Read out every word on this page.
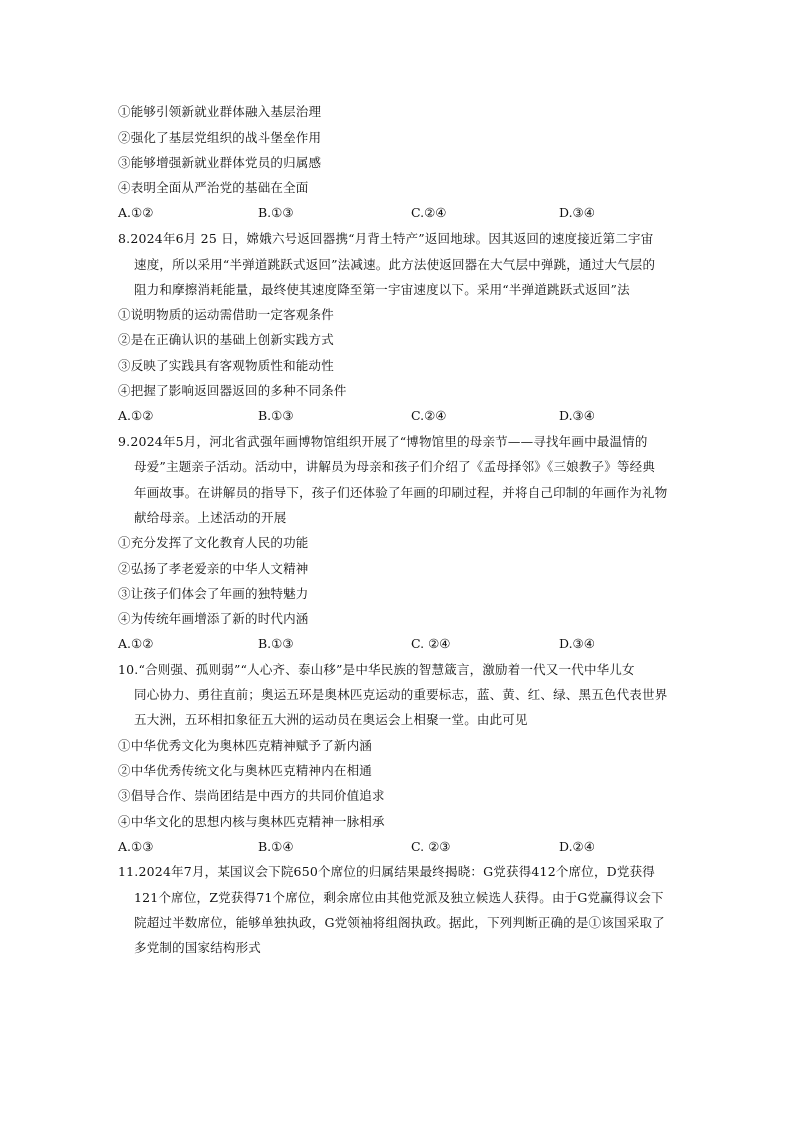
①能够引领新就业群体融入基层治理
②强化了基层党组织的战斗堡垒作用
③能够增强新就业群体党员的归属感
④表明全面从严治党的基础在全面
A.①②	B.①③	C.②④	D.③④
8.2024年6月 25 日，嫦娥六号返回器携“月背土特产”返回地球。因其返回的速度接近第二宇宙
速度，所以采用“半弹道跳跃式返回”法减速。此方法使返回器在大气层中弹跳，通过大气层的
阻力和摩擦消耗能量，最终使其速度降至第一宇宙速度以下。采用“半弹道跳跃式返回”法
①说明物质的运动需借助一定客观条件
②是在正确认识的基础上创新实践方式
③反映了实践具有客观物质性和能动性
④把握了影响返回器返回的多种不同条件
A.①②	B.①③	C.②④	D.③④
9.2024年5月，河北省武强年画博物馆组织开展了“博物馆里的母亲节——寻找年画中最温情的
母爱”主题亲子活动。活动中，讲解员为母亲和孩子们介绍了《孟母择邻》《三娘教子》等经典
年画故事。在讲解员的指导下，孩子们还体验了年画的印刷过程，并将自己印制的年画作为礼物
献给母亲。上述活动的开展
①充分发挥了文化教育人民的功能
②弘扬了孝老爱亲的中华人文精神
③让孩子们体会了年画的独特魅力
④为传统年画增添了新的时代内涵
A.①②	B.①③	C. ②④	D.③④
10.“合则强、孤则弱”“人心齐、泰山移”是中华民族的智慧箴言，激励着一代又一代中华儿女
同心协力、勇往直前；奥运五环是奥林匹克运动的重要标志，蓝、黄、红、绿、黑五色代表世界
五大洲，五环相扣象征五大洲的运动员在奥运会上相聚一堂。由此可见
①中华优秀文化为奥林匹克精神赋予了新内涵
②中华优秀传统文化与奥林匹克精神内在相通
③倡导合作、崇尚团结是中西方的共同价值追求
④中华文化的思想内核与奥林匹克精神一脉相承
A.①③	B.①④	C. ②③	D.②④
11.2024年7月，某国议会下院650个席位的归属结果最终揭晓：G党获得412个席位，D党获得
121个席位，Z党获得71个席位，剩余席位由其他党派及独立候选人获得。由于G党赢得议会下
院超过半数席位，能够单独执政，G党领袖将组阁执政。据此，下列判断正确的是①该国采取了
多党制的国家结构形式
